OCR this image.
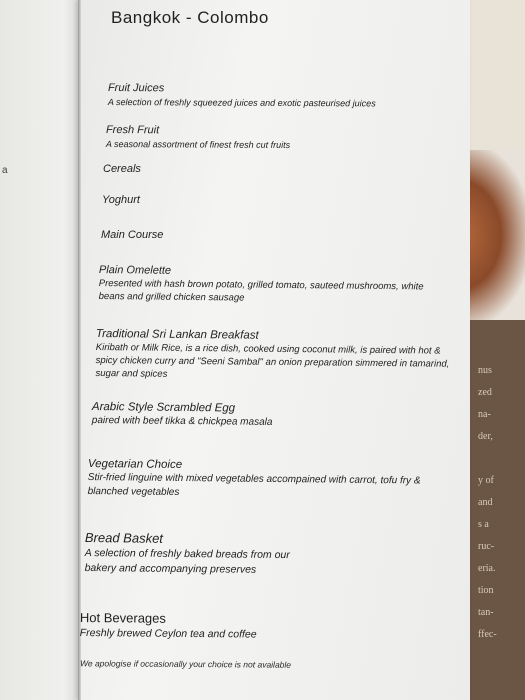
a
nus
zed
na-
der,

y of
and
s a
ruc-
eria.
tion
tan-
ffec-
Bangkok - Colombo
Fruit Juices
A selection of freshly squeezed juices and exotic pasteurised juices
Fresh Fruit
A seasonal assortment of finest fresh cut fruits
Cereals
Yoghurt
Main Course
Plain Omelette
Presented with hash brown potato, grilled tomato, sauteed mushrooms, white beans and grilled chicken sausage
Traditional Sri Lankan Breakfast
Kiribath or Milk Rice, is a rice dish, cooked using coconut milk, is paired with hot & spicy chicken curry and "Seeni Sambal" an onion preparation simmered in tamarind, sugar and spices
Arabic Style Scrambled Egg
paired with beef tikka & chickpea masala
Vegetarian Choice
Stir-fried linguine with mixed vegetables accompained with carrot, tofu fry & blanched vegetables
Bread Basket
A selection of freshly baked breads from our bakery and accompanying preserves
Hot Beverages
Freshly brewed Ceylon tea and coffee
We apologise if occasionally your choice is not available
